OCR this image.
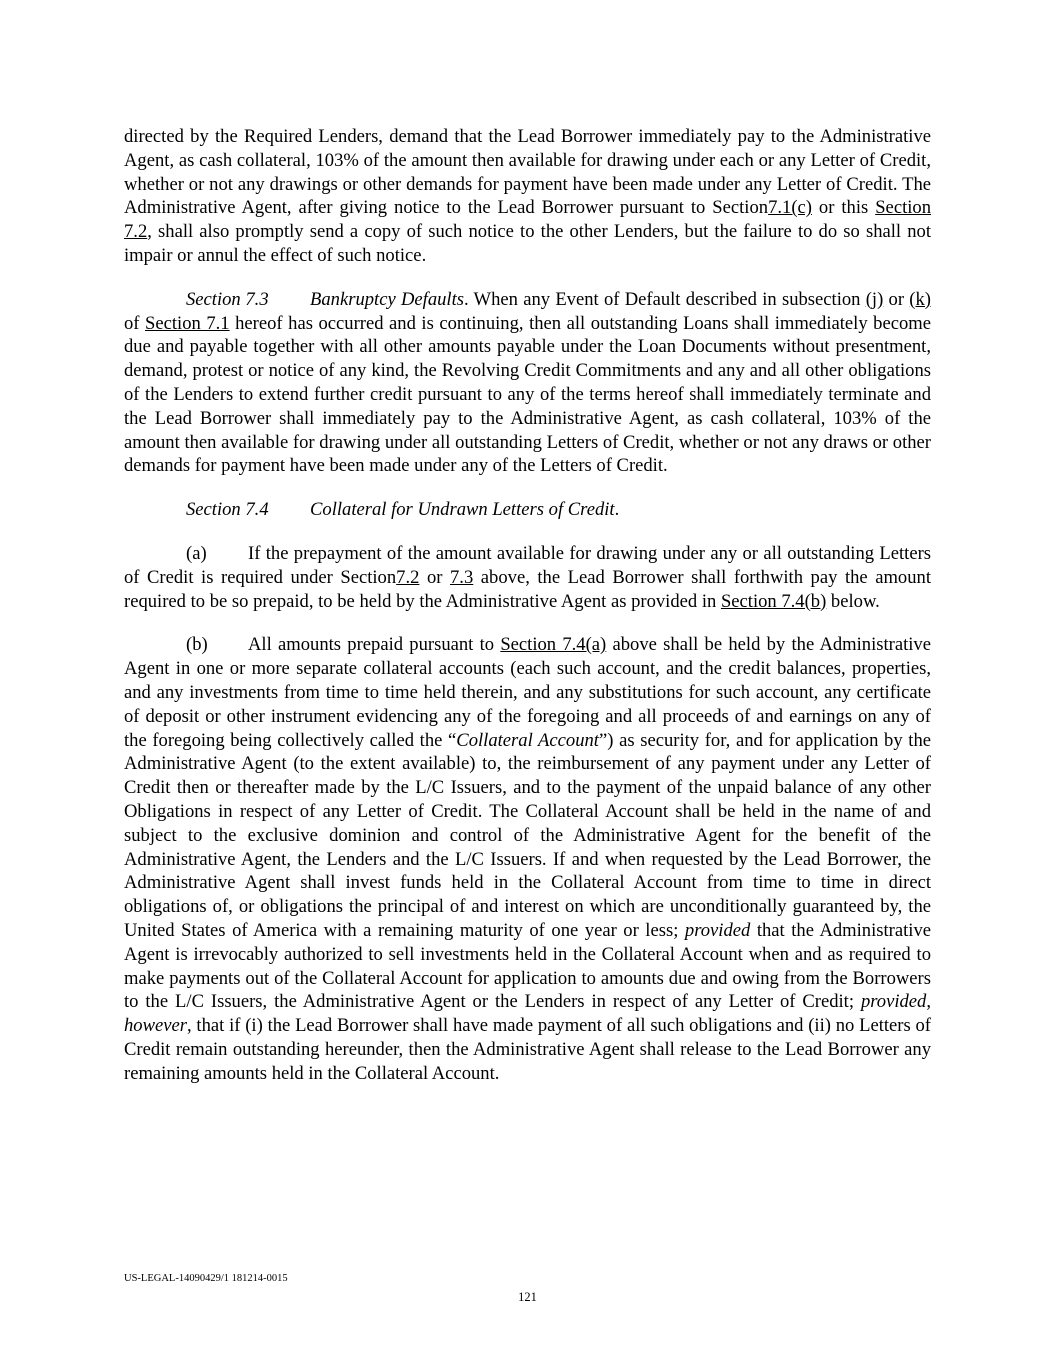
directed by the Required Lenders, demand that the Lead Borrower immediately pay to the Administrative Agent, as cash collateral, 103% of the amount then available for drawing under each or any Letter of Credit, whether or not any drawings or other demands for payment have been made under any Letter of Credit. The Administrative Agent, after giving notice to the Lead Borrower pursuant to Section7.1(c) or this Section 7.2, shall also promptly send a copy of such notice to the other Lenders, but the failure to do so shall not impair or annul the effect of such notice.

Section 7.3 Bankruptcy Defaults. When any Event of Default described in subsection (j) or (k) of Section 7.1 hereof has occurred and is continuing, then all outstanding Loans shall immediately become due and payable together with all other amounts payable under the Loan Documents without presentment, demand, protest or notice of any kind, the Revolving Credit Commitments and any and all other obligations of the Lenders to extend further credit pursuant to any of the terms hereof shall immediately terminate and the Lead Borrower shall immediately pay to the Administrative Agent, as cash collateral, 103% of the amount then available for drawing under all outstanding Letters of Credit, whether or not any draws or other demands for payment have been made under any of the Letters of Credit.

Section 7.4 Collateral for Undrawn Letters of Credit.

(a) If the prepayment of the amount available for drawing under any or all outstanding Letters of Credit is required under Section7.2 or 7.3 above, the Lead Borrower shall forthwith pay the amount required to be so prepaid, to be held by the Administrative Agent as provided in Section 7.4(b) below.

(b) All amounts prepaid pursuant to Section 7.4(a) above shall be held by the Administrative Agent in one or more separate collateral accounts (each such account, and the credit balances, properties, and any investments from time to time held therein, and any substitutions for such account, any certificate of deposit or other instrument evidencing any of the foregoing and all proceeds of and earnings on any of the foregoing being collectively called the “Collateral Account”) as security for, and for application by the Administrative Agent (to the extent available) to, the reimbursement of any payment under any Letter of Credit then or thereafter made by the L/C Issuers, and to the payment of the unpaid balance of any other Obligations in respect of any Letter of Credit. The Collateral Account shall be held in the name of and subject to the exclusive dominion and control of the Administrative Agent for the benefit of the Administrative Agent, the Lenders and the L/C Issuers. If and when requested by the Lead Borrower, the Administrative Agent shall invest funds held in the Collateral Account from time to time in direct obligations of, or obligations the principal of and interest on which are unconditionally guaranteed by, the United States of America with a remaining maturity of one year or less; provided that the Administrative Agent is irrevocably authorized to sell investments held in the Collateral Account when and as required to make payments out of the Collateral Account for application to amounts due and owing from the Borrowers to the L/C Issuers, the Administrative Agent or the Lenders in respect of any Letter of Credit; provided, however, that if (i) the Lead Borrower shall have made payment of all such obligations and (ii) no Letters of Credit remain outstanding hereunder, then the Administrative Agent shall release to the Lead Borrower any remaining amounts held in the Collateral Account.

US-LEGAL-14090429/1 181214-0015
121
